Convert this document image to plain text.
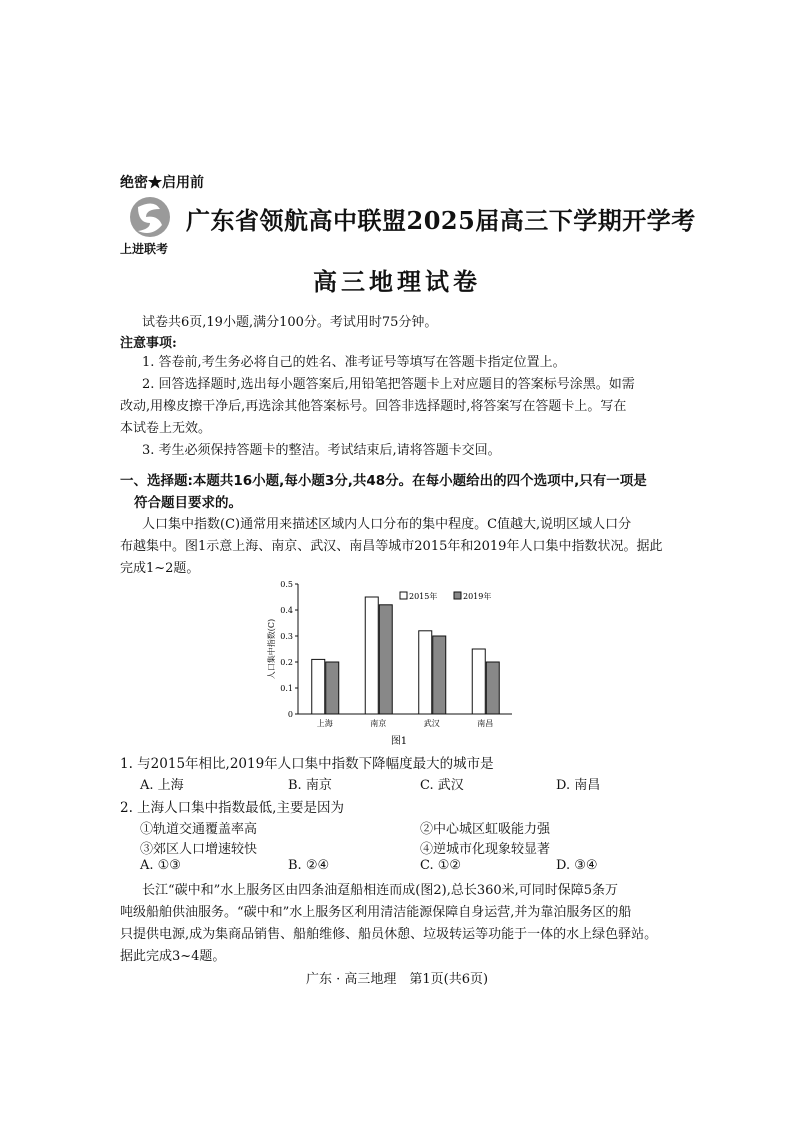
绝密★启用前
上进联考
广东省领航高中联盟2025届高三下学期开学考
高三地理试卷
试卷共6页,19小题,满分100分。考试用时75分钟。
注意事项:
1. 答卷前,考生务必将自己的姓名、准考证号等填写在答题卡指定位置上。
2. 回答选择题时,选出每小题答案后,用铅笔把答题卡上对应题目的答案标号涂黑。如需
改动,用橡皮擦干净后,再选涂其他答案标号。回答非选择题时,将答案写在答题卡上。写在
本试卷上无效。
3. 考生必须保持答题卡的整洁。考试结束后,请将答题卡交回。
一、选择题:本题共16小题,每小题3分,共48分。在每小题给出的四个选项中,只有一项是
符合题目要求的。
人口集中指数(C)通常用来描述区域内人口分布的集中程度。C值越大,说明区域人口分
布越集中。图1示意上海、南京、武汉、南昌等城市2015年和2019年人口集中指数状况。据此
完成1~2题。
0
0.1
0.2
0.3
0.4
0.5
人口集中指数(C)
上海	南京	武汉	南昌
2015年	2019年
图1
1. 与2015年相比,2019年人口集中指数下降幅度最大的城市是
A. 上海	B. 南京	C. 武汉	D. 南昌
2. 上海人口集中指数最低,主要是因为
①轨道交通覆盖率高	②中心城区虹吸能力强
③郊区人口增速较快	④逆城市化现象较显著
A. ①③	B. ②④	C. ①②	D. ③④
长江“碳中和”水上服务区由四条油趸船相连而成(图2),总长360米,可同时保障5条万
吨级船舶供油服务。“碳中和”水上服务区利用清洁能源保障自身运营,并为靠泊服务区的船
只提供电源,成为集商品销售、船舶维修、船员休憩、垃圾转运等功能于一体的水上绿色驿站。
据此完成3~4题。
广东 · 高三地理　第1页(共6页)
